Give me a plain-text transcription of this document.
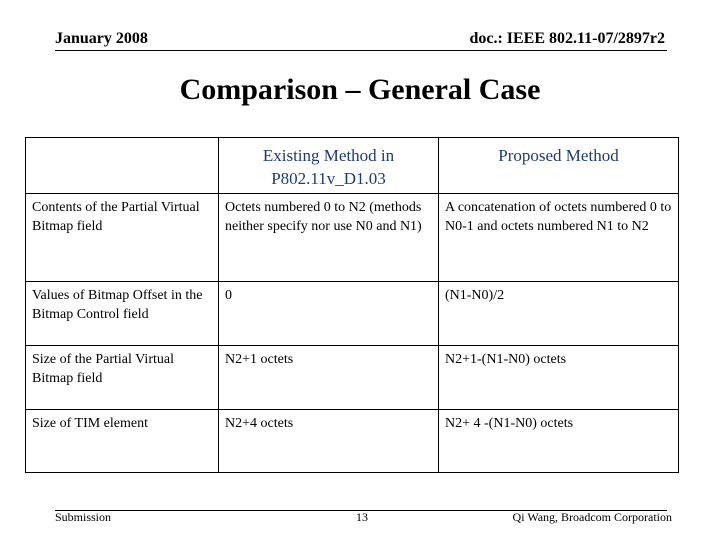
January 2008	doc.: IEEE 802.11-07/2897r2
Comparison – General Case
	Existing Method in P802.11v_D1.03	Proposed Method
Contents of the Partial Virtual Bitmap field	Octets numbered 0 to N2 (methods neither specify nor use N0 and N1)	A concatenation of octets numbered 0 to N0-1 and octets numbered N1 to N2
Values of Bitmap Offset in the Bitmap Control field	0	(N1-N0)/2
Size of the Partial Virtual Bitmap field	N2+1 octets	N2+1-(N1-N0) octets
Size of TIM element	N2+4 octets	N2+ 4 -(N1-N0) octets
Submission	13	Qi Wang, Broadcom Corporation
